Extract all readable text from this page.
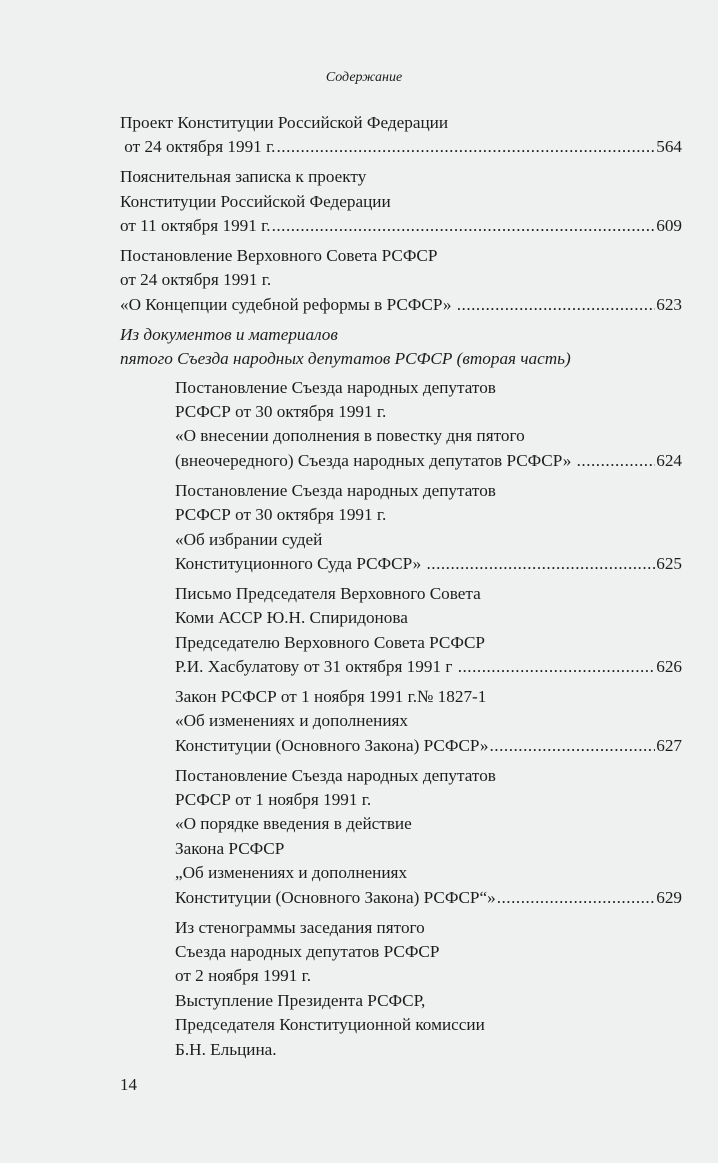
Содержание
Проект Конституции Российской Федерации
от 24 октября 1991 г. .....	564
Пояснительная записка к проекту
Конституции Российской Федерации
от 11 октября 1991 г. .....	609
Постановление Верховного Совета РСФСР
от 24 октября 1991 г.
«О Концепции судебной реформы в РСФСР» .....	623
Из документов и материалов
пятого Съезда народных депутатов РСФСР (вторая часть)
Постановление Съезда народных депутатов
РСФСР от 30 октября 1991 г.
«О внесении дополнения в повестку дня пятого
(внеочередного) Съезда народных депутатов РСФСР» .....	624
Постановление Съезда народных депутатов
РСФСР от 30 октября 1991 г.
«Об избрании судей
Конституционного Суда РСФСР» .....	625
Письмо Председателя Верховного Совета
Коми АССР Ю.Н. Спиридонова
Председателю Верховного Совета РСФСР
Р.И. Хасбулатову от 31 октября 1991 г .....	626
Закон РСФСР от 1 ноября 1991 г.№ 1827-1
«Об изменениях и дополнениях
Конституции (Основного Закона) РСФСР» .....	627
Постановление Съезда народных депутатов
РСФСР от 1 ноября 1991 г.
«О порядке введения в действие
Закона РСФСР
„Об изменениях и дополнениях
Конституции (Основного Закона) РСФСР“» .....	629
Из стенограммы заседания пятого
Съезда народных депутатов РСФСР
от 2 ноября 1991 г.
Выступление Президента РСФСР,
Председателя Конституционной комиссии
Б.Н. Ельцина.
14
